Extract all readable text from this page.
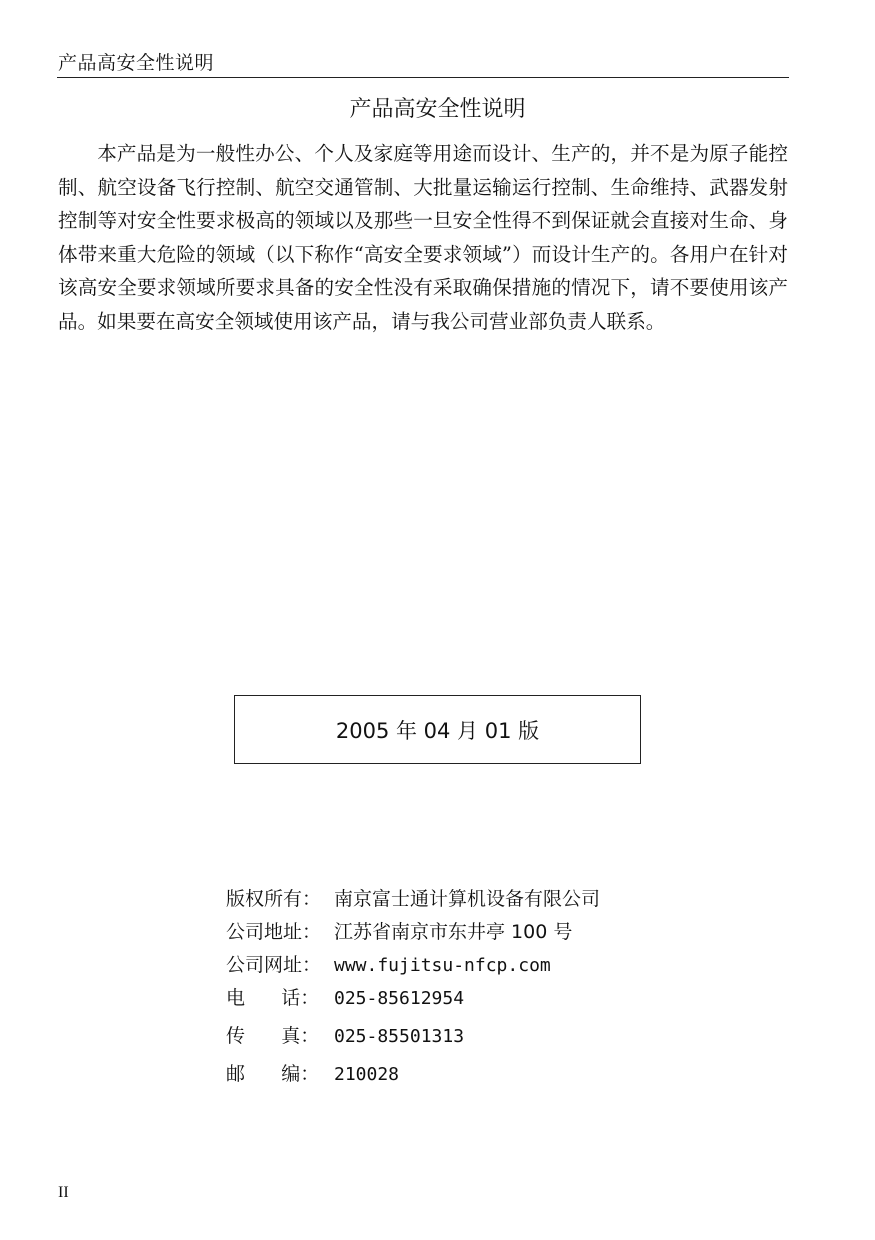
产品高安全性说明
产品高安全性说明

本产品是为一般性办公、个人及家庭等用途而设计、生产的，并不是为原子能控制、航空设备飞行控制、航空交通管制、大批量运输运行控制、生命维持、武器发射控制等对安全性要求极高的领域以及那些一旦安全性得不到保证就会直接对生命、身体带来重大危险的领域（以下称作“高安全要求领域”）而设计生产的。各用户在针对该高安全要求领域所要求具备的安全性没有采取确保措施的情况下，请不要使用该产品。如果要在高安全领域使用该产品，请与我公司营业部负责人联系。

2005 年 04 月 01 版
版权所有： 南京富士通计算机设备有限公司
公司地址： 江苏省南京市东井亭 100 号
公司网址： www.fujitsu-nfcp.com
电      话： 025-85612954
传      真： 025-85501313
邮      编： 210028
II
